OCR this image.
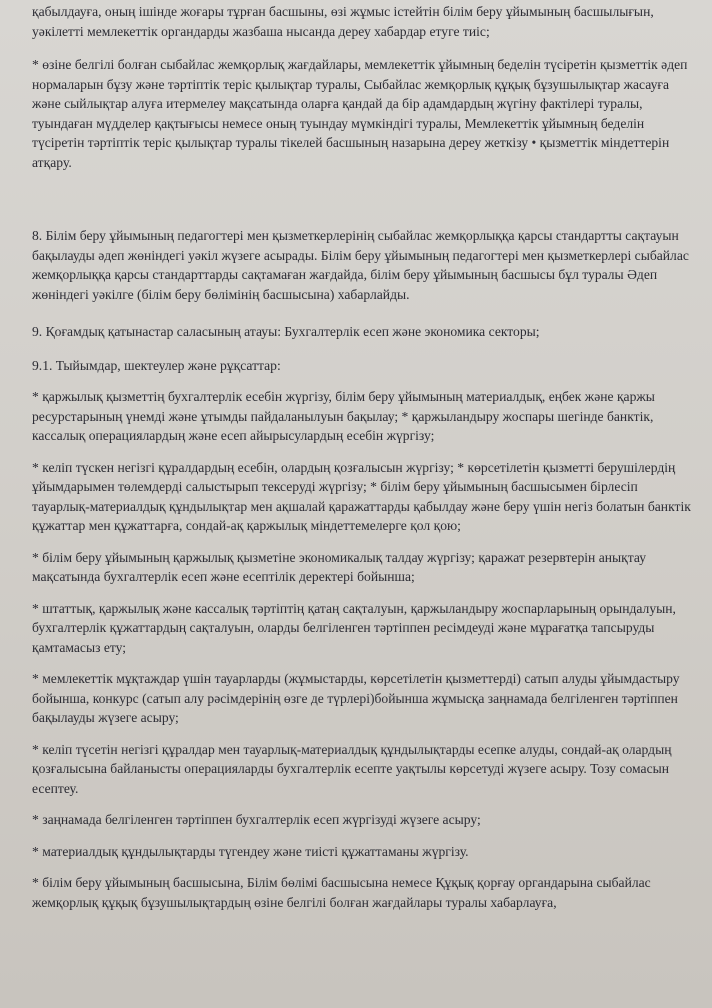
қабылдауға, оның ішінде жоғары тұрған басшыны, өзі жұмыс істейтін білім беру ұйымының басшылығын, уәкілетті мемлекеттік органдарды жазбаша нысанда дереу хабардар етуге тиіс;

* өзіне белгілі болған сыбайлас жемқорлық жағдайлары, мемлекеттік ұйымның беделін түсіретін қызметтік әдеп нормаларын бұзу және тәртіптік теріс қылықтар туралы, Сыбайлас жемқорлық құқық бұзушылықтар жасауға және сыйлықтар алуға итермелеу мақсатында оларға қандай да бір адамдардың жүгіну фактілері туралы, туындаған мүдделер қақтығысы немесе оның туындау мүмкіндігі туралы, Мемлекеттік ұйымның беделін түсіретін тәртіптік теріс қылықтар туралы тікелей басшының назарына дереу жеткізу • қызметтік міндеттерін атқару.

8. Білім беру ұйымының педагогтері мен қызметкерлерінің сыбайлас жемқорлыққа қарсы стандартты сақтауын бақылауды әдеп жөніндегі уәкіл жүзеге асырады. Білім беру ұйымының педагогтері мен қызметкерлері сыбайлас жемқорлыққа қарсы стандарттарды сақтамаған жағдайда, білім беру ұйымының басшысы бұл туралы Әдеп жөніндегі уәкілге (білім беру бөлімінің басшысына) хабарлайды.

9. Қоғамдық қатынастар саласының атауы: Бухгалтерлік есеп және экономика секторы;

9.1. Тыйымдар, шектеулер және рұқсаттар:

* қаржылық қызметтің бухгалтерлік есебін жүргізу, білім беру ұйымының материалдық, еңбек және қаржы ресурстарының үнемді және ұтымды пайдаланылуын бақылау; * қаржыландыру жоспары шегінде банктік, кассалық операциялардың және есеп айырысулардың есебін жүргізу;

* келіп түскен негізгі құралдардың есебін, олардың қозғалысын жүргізу; * көрсетілетін қызметті берушілердің ұйымдарымен төлемдерді салыстырып тексеруді жүргізу; * білім беру ұйымының басшысымен бірлесіп тауарлық-материалдық құндылықтар мен ақшалай қаражаттарды қабылдау және беру үшін негіз болатын банктік құжаттар мен құжаттарға, сондай-ақ қаржылық міндеттемелерге қол қою;

* білім беру ұйымының қаржылық қызметіне экономикалық талдау жүргізу; қаражат резервтерін анықтау мақсатында бухгалтерлік есеп және есептілік деректері бойынша;

* штаттық, қаржылық және кассалық тәртіптің қатаң сақталуын, қаржыландыру жоспарларының орындалуын, бухгалтерлік құжаттардың сақталуын, оларды белгіленген тәртіппен ресімдеуді және мұрағатқа тапсыруды қамтамасыз ету;

* мемлекеттік мұқтаждар үшін тауарларды (жұмыстарды, көрсетілетін қызметтерді) сатып алуды ұйымдастыру бойынша, конкурс (сатып алу рәсімдерінің өзге де түрлері)бойынша жұмысқа заңнамада белгіленген тәртіппен бақылауды жүзеге асыру;

* келіп түсетін негізгі құралдар мен тауарлық-материалдық құндылықтарды есепке алуды, сондай-ақ олардың қозғалысына байланысты операцияларды бухгалтерлік есепте уақтылы көрсетуді жүзеге асыру. Тозу сомасын есептеу.

* заңнамада белгіленген тәртіппен бухгалтерлік есеп жүргізуді жүзеге асыру;

* материалдық құндылықтарды түгендеу және тиісті құжаттаманы жүргізу.

* білім беру ұйымының басшысына, Білім бөлімі басшысына немесе Құқық қорғау органдарына сыбайлас жемқорлық құқық бұзушылықтардың өзіне белгілі болған жағдайлары туралы хабарлауға,
